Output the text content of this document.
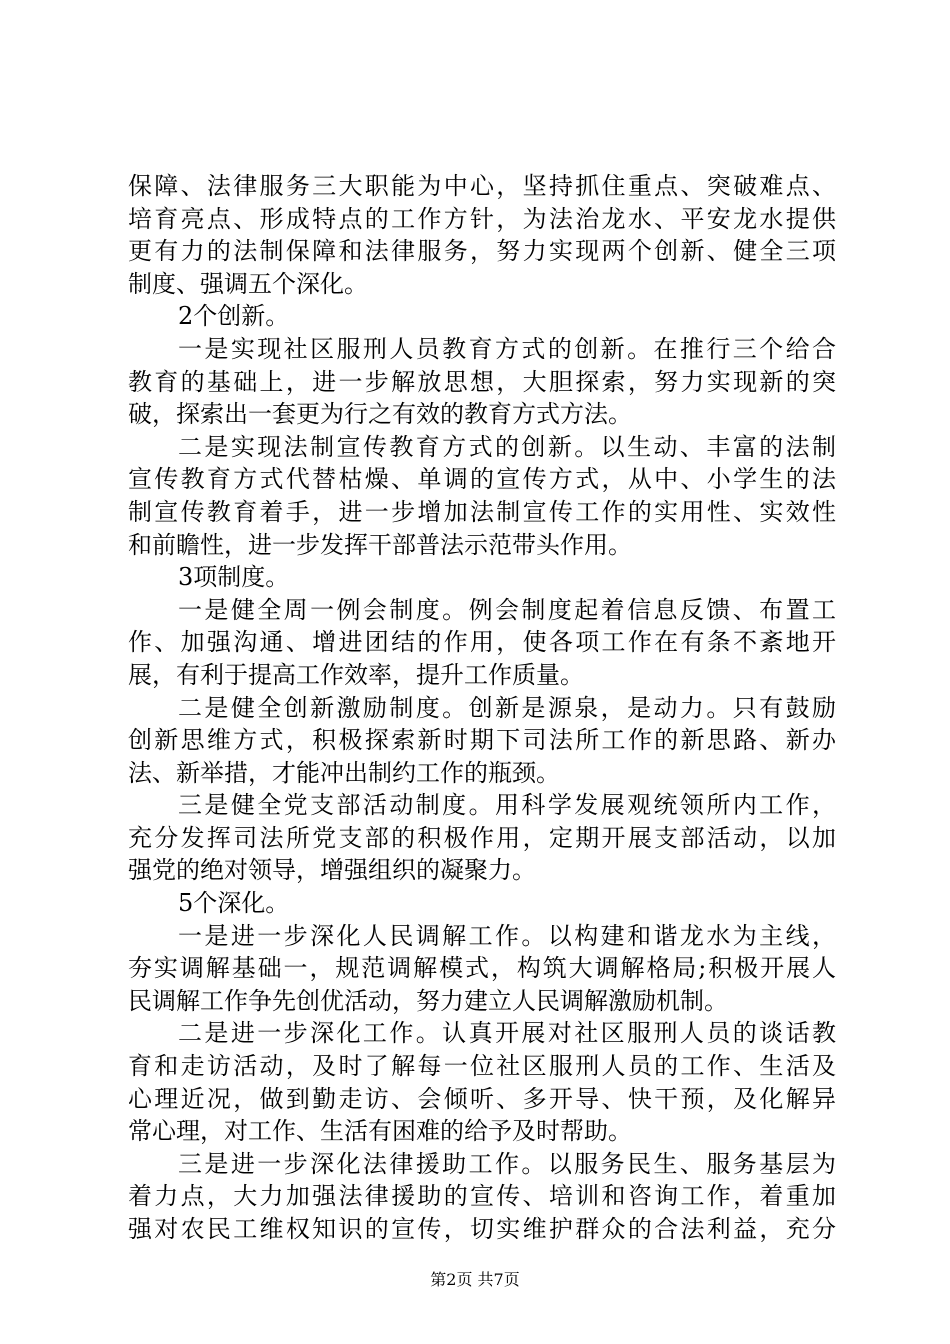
保障、法律服务三大职能为中心，坚持抓住重点、突破难点、
培育亮点、形成特点的工作方针，为法治龙水、平安龙水提供
更有力的法制保障和法律服务，努力实现两个创新、健全三项
制度、强调五个深化。
2个创新。
一是实现社区服刑人员教育方式的创新。在推行三个给合
教育的基础上，进一步解放思想，大胆探索，努力实现新的突
破，探索出一套更为行之有效的教育方式方法。
二是实现法制宣传教育方式的创新。以生动、丰富的法制
宣传教育方式代替枯燥、单调的宣传方式，从中、小学生的法
制宣传教育着手，进一步增加法制宣传工作的实用性、实效性
和前瞻性，进一步发挥干部普法示范带头作用。
3项制度。
一是健全周一例会制度。例会制度起着信息反馈、布置工
作、加强沟通、增进团结的作用，使各项工作在有条不紊地开
展，有利于提高工作效率，提升工作质量。
二是健全创新激励制度。创新是源泉，是动力。只有鼓励
创新思维方式，积极探索新时期下司法所工作的新思路、新办
法、新举措，才能冲出制约工作的瓶颈。
三是健全党支部活动制度。用科学发展观统领所内工作，
充分发挥司法所党支部的积极作用，定期开展支部活动，以加
强党的绝对领导，增强组织的凝聚力。
5个深化。
一是进一步深化人民调解工作。以构建和谐龙水为主线，
夯实调解基础一，规范调解模式，构筑大调解格局;积极开展人
民调解工作争先创优活动，努力建立人民调解激励机制。
二是进一步深化工作。认真开展对社区服刑人员的谈话教
育和走访活动，及时了解每一位社区服刑人员的工作、生活及
心理近况，做到勤走访、会倾听、多开导、快干预，及化解异
常心理，对工作、生活有困难的给予及时帮助。
三是进一步深化法律援助工作。以服务民生、服务基层为
着力点，大力加强法律援助的宣传、培训和咨询工作，着重加
强对农民工维权知识的宣传，切实维护群众的合法利益，充分
第2页 共7页
